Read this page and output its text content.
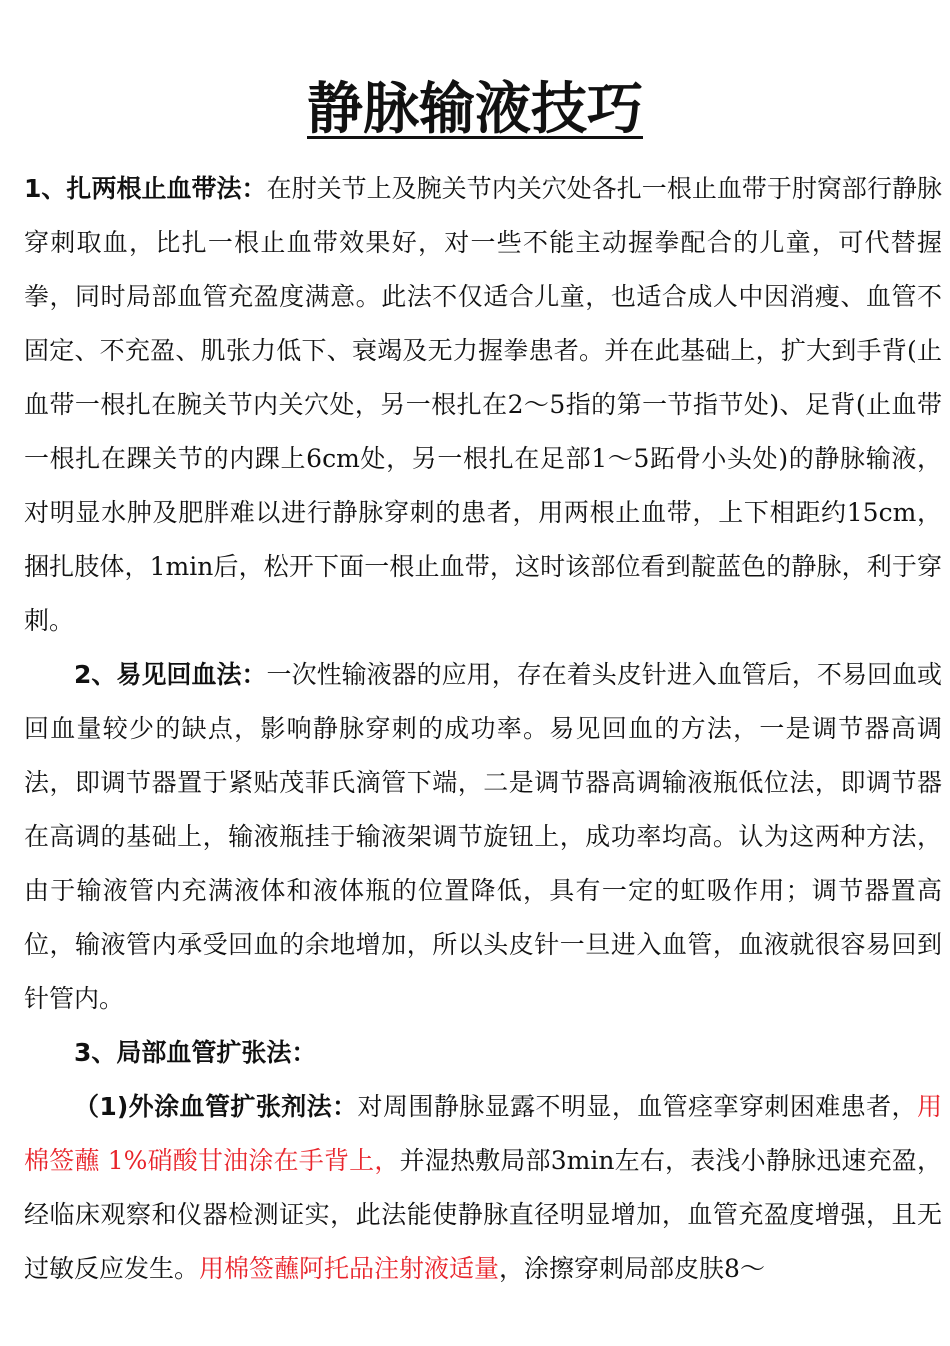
静脉输液技巧

1、扎两根止血带法：在肘关节上及腕关节内关穴处各扎一根止血带于肘窝部行静脉穿刺取血，比扎一根止血带效果好，对一些不能主动握拳配合的儿童，可代替握拳，同时局部血管充盈度满意。此法不仅适合儿童，也适合成人中因消瘦、血管不固定、不充盈、肌张力低下、衰竭及无力握拳患者。并在此基础上，扩大到手背(止血带一根扎在腕关节内关穴处，另一根扎在2～5指的第一节指节处)、足背(止血带一根扎在踝关节的内踝上6cm处，另一根扎在足部1～5跖骨小头处)的静脉输液，对明显水肿及肥胖难以进行静脉穿刺的患者，用两根止血带，上下相距约15cm，捆扎肢体，1min后，松开下面一根止血带，这时该部位看到靛蓝色的静脉，利于穿刺。

2、易见回血法：一次性输液器的应用，存在着头皮针进入血管后，不易回血或回血量较少的缺点，影响静脉穿刺的成功率。易见回血的方法，一是调节器高调法，即调节器置于紧贴茂菲氏滴管下端，二是调节器高调输液瓶低位法，即调节器在高调的基础上，输液瓶挂于输液架调节旋钮上，成功率均高。认为这两种方法，由于输液管内充满液体和液体瓶的位置降低，具有一定的虹吸作用；调节器置高位，输液管内承受回血的余地增加，所以头皮针一旦进入血管，血液就很容易回到针管内。

3、局部血管扩张法：

（1)外涂血管扩张剂法：对周围静脉显露不明显，血管痉挛穿刺困难患者，用棉签蘸 1%硝酸甘油涂在手背上，并湿热敷局部3min左右，表浅小静脉迅速充盈，经临床观察和仪器检测证实，此法能使静脉直径明显增加，血管充盈度增强，且无过敏反应发生。用棉签蘸阿托品注射液适量，涂擦穿刺局部皮肤8～
